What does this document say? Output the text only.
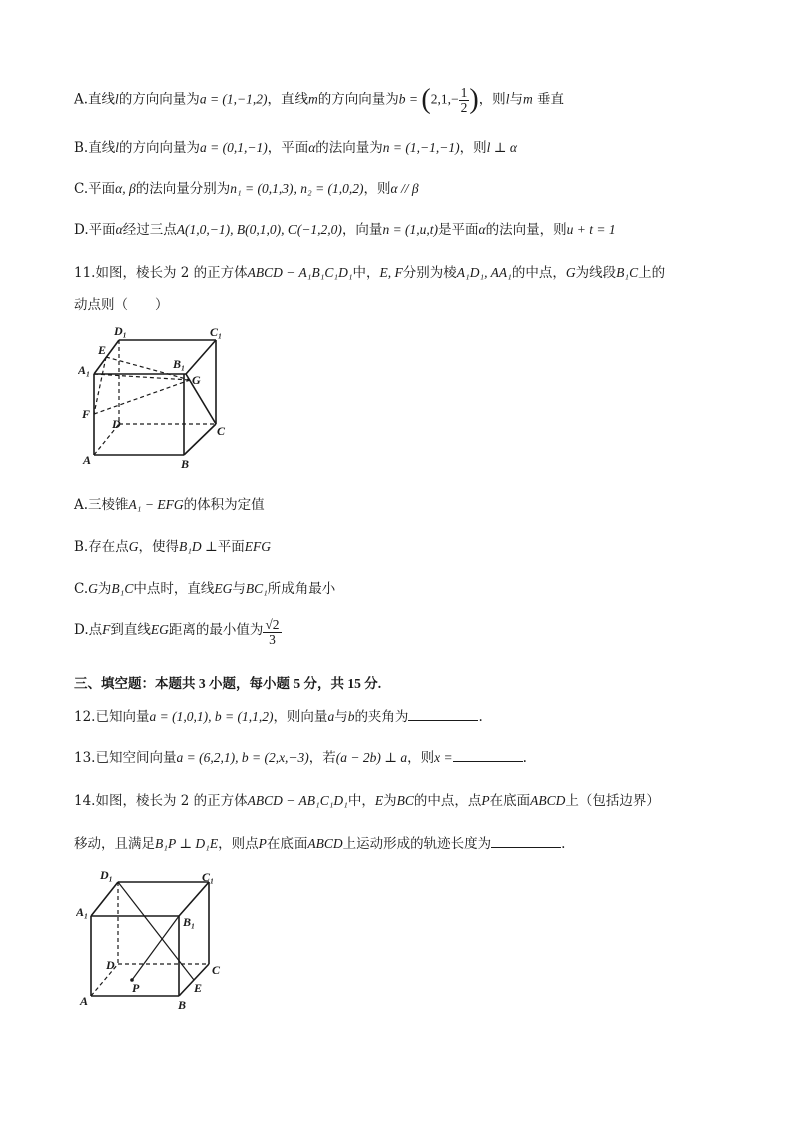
A.直线l的方向向量为a = (1,−1,2)，直线m的方向向量为$b = (2,1,- \frac{1}{2}$ )，则l与m 垂直
B.直线l的方向向量为a = (0,1,−1)，平面α的法向量为n = (1,−1,−1)，则l ⊥ α
C.平面α, β的法向量分别为n₁ = (0,1,3), n₂ = (1,0,2)，则α // β
D.平面α经过三点A(1,0,−1), B(0,1,0), C(−1,2,0)，向量n = (1,u,t)是平面α的法向量，则u + t = 1
11.如图，棱长为 2 的正方体ABCD − A₁B₁C₁D₁中，E, F分别为棱A₁D₁, AA₁的中点，G为线段B₁C上的
动点则（　　）
D₁	C₁
E
B₁
A₁
G
F
D	C
A	B
A.三棱锥A₁ − EFG的体积为定值
B.存在点G，使得B₁D ⊥平面EFG
C.G为B₁C中点时，直线EG与BC₁所成角最小
D.点F到直线EG距离的最小值为 $\frac{√2}{3}$
三、填空题：本题共 3 小题，每小题 5 分，共 15 分.
12.已知向量a = (1,0,1), b = (1,1,2)，则向量a与b的夹角为	.
13.已知空间向量a = (6,2,1), b = (2,x,−3)，若(a − 2b) ⊥ a，则x =	.
14.如图，棱长为 2 的正方体ABCD − AB₁C₁D₁中，E为BC的中点，点P在底面ABCD上（包括边界）
移动，且满足B₁P ⊥ D₁E，则点P在底面ABCD上运动形成的轨迹长度为	.
D₁	C₁
A₁
B₁
D	C
P	E
A	B
